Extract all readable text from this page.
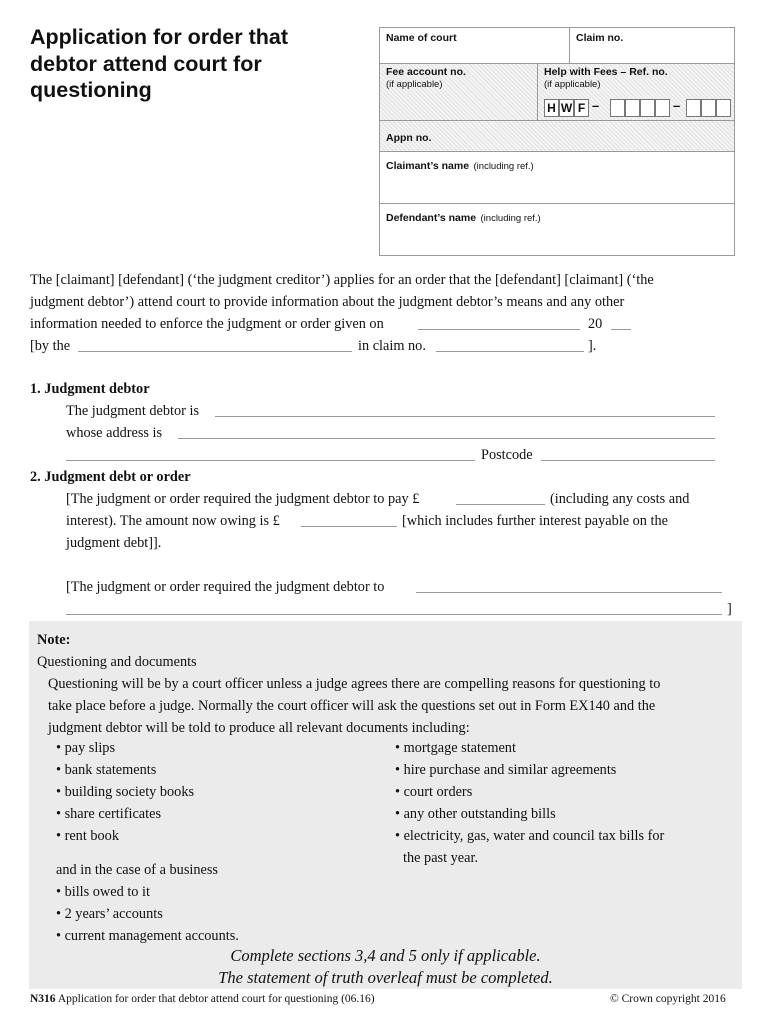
Application for order that debtor attend court for questioning
Name of court	Claim no.
Fee account no.
(if applicable)
Help with Fees – Ref. no.
(if applicable)
H W F –	–
Appn no.
Claimant’s name (including ref.)
Defendant’s name (including ref.)
The [claimant] [defendant] (‘the judgment creditor’) applies for an order that the [defendant] [claimant] (‘the
judgment debtor’) attend court to provide information about the judgment debtor’s means and any other
information needed to enforce the judgment or order given on	20
[by the	in claim no.	].
1. Judgment debtor
The judgment debtor is
whose address is
Postcode
2. Judgment debt or order
[The judgment or order required the judgment debtor to pay £	(including any costs and
interest). The amount now owing is £	[which includes further interest payable on the
judgment debt]].
[The judgment or order required the judgment debtor to
]
Note:
Questioning and documents
Questioning will be by a court officer unless a judge agrees there are compelling reasons for questioning to
take place before a judge. Normally the court officer will ask the questions set out in Form EX140 and the
judgment debtor will be told to produce all relevant documents including:
• pay slips
• bank statements
• building society books
• share certificates
• rent book
• mortgage statement
• hire purchase and similar agreements
• court orders
• any other outstanding bills
• electricity, gas, water and council tax bills for
the past year.
and in the case of a business
• bills owed to it
• 2 years’ accounts
• current management accounts.
Complete sections 3,4 and 5 only if applicable.
The statement of truth overleaf must be completed.
N316 Application for order that debtor attend court for questioning (06.16)	© Crown copyright 2016
